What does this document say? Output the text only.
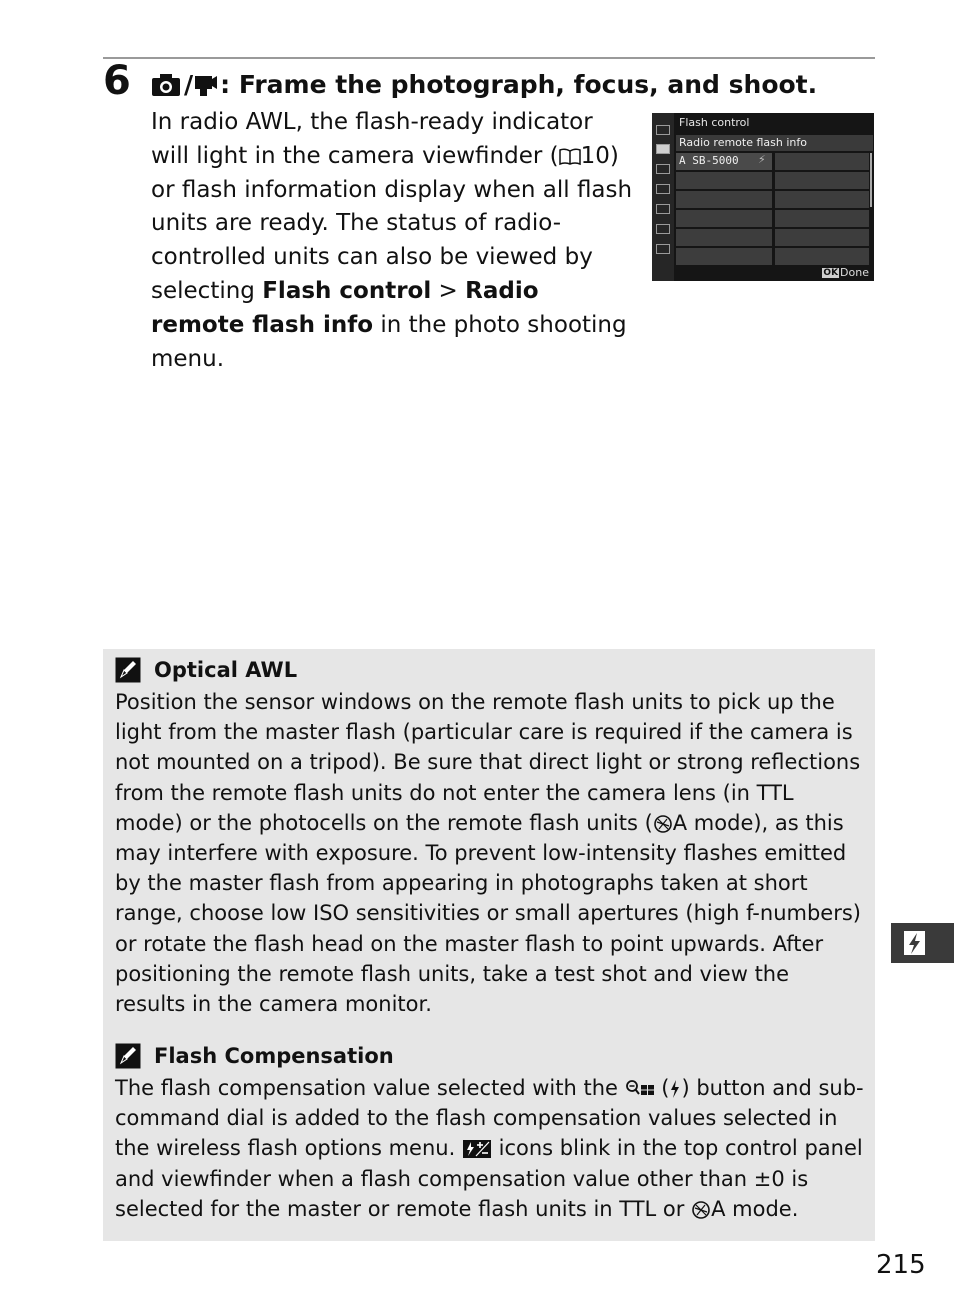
6 / : Frame the photograph, focus, and shoot.
In radio AWL, the flash-ready indicator will light in the camera viewfinder ( 10) or flash information display when all flash units are ready. The status of radio-controlled units can also be viewed by selecting Flash control > Radio remote flash info in the photo shooting menu.
Flash control
Radio remote flash info
A SB-5000 ⚡
OK Done
Optical AWL
Position the sensor windows on the remote flash units to pick up the light from the master flash (particular care is required if the camera is not mounted on a tripod). Be sure that direct light or strong reflections from the remote flash units do not enter the camera lens (in TTL mode) or the photocells on the remote flash units ( A mode), as this may interfere with exposure. To prevent low-intensity flashes emitted by the master flash from appearing in photographs taken at short range, choose low ISO sensitivities or small apertures (high f-numbers) or rotate the flash head on the master flash to point upwards. After positioning the remote flash units, take a test shot and view the results in the camera monitor.
Flash Compensation
The flash compensation value selected with the  ( ) button and sub-command dial is added to the flash compensation values selected in the wireless flash options menu.  icons blink in the top control panel and viewfinder when a flash compensation value other than ±0 is selected for the master or remote flash units in TTL or A mode.
215
